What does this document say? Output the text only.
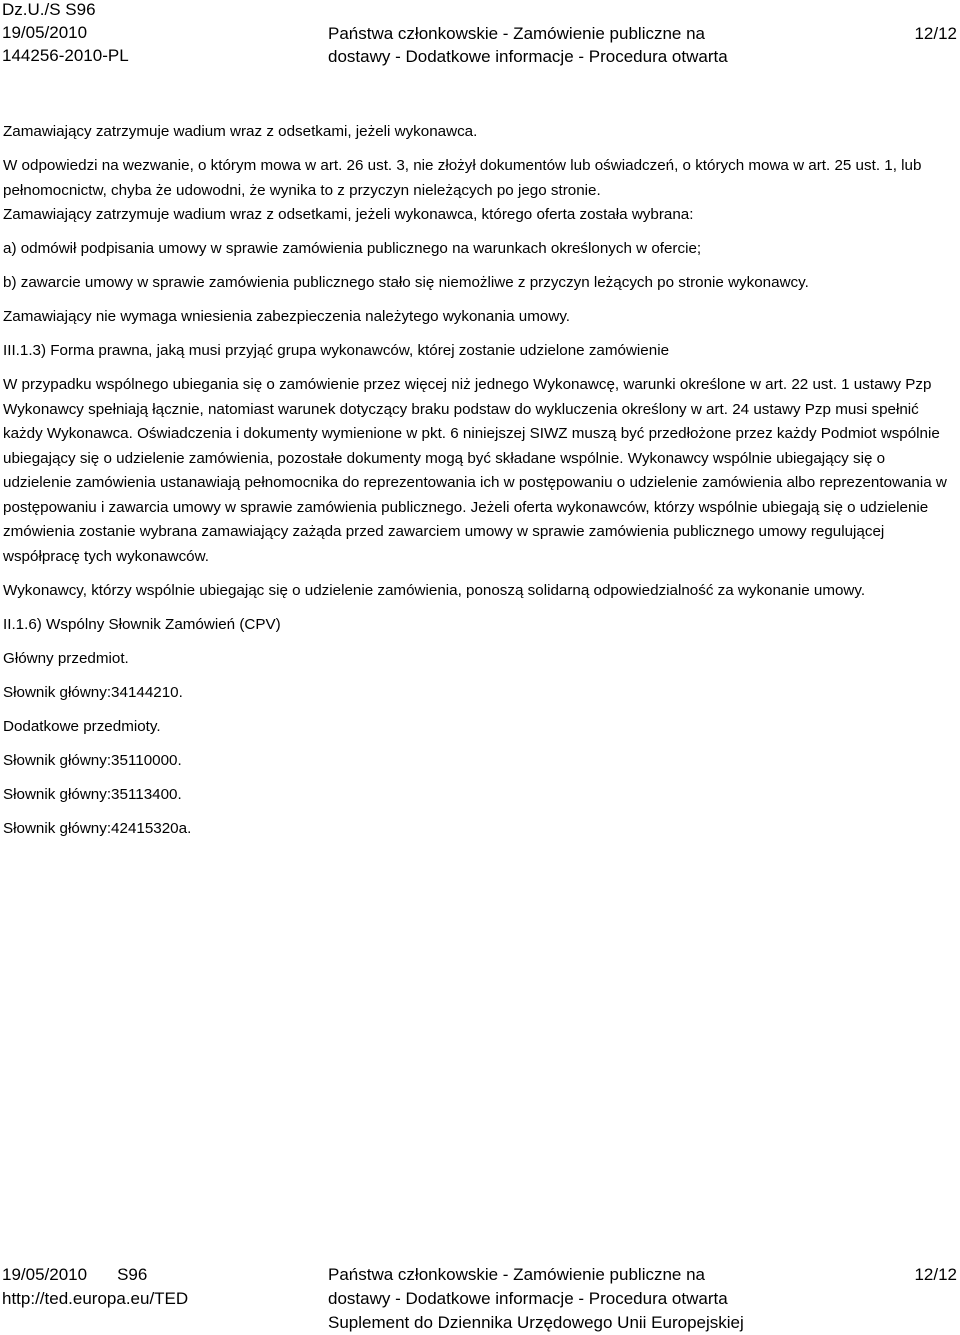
Dz.U./S S96
19/05/2010
144256-2010-PL
Państwa członkowskie - Zamówienie publiczne na
dostawy - Dodatkowe informacje - Procedura otwarta
12/12

Zamawiający zatrzymuje wadium wraz z odsetkami, jeżeli wykonawca.

W odpowiedzi na wezwanie, o którym mowa w art. 26 ust. 3, nie złożył dokumentów lub oświadczeń, o których mowa w art. 25 ust. 1, lub pełnomocnictw, chyba że udowodni, że wynika to z przyczyn nieleżących po jego stronie.

Zamawiający zatrzymuje wadium wraz z odsetkami, jeżeli wykonawca, którego oferta została wybrana:

a) odmówił podpisania umowy w sprawie zamówienia publicznego na warunkach określonych w ofercie;

b) zawarcie umowy w sprawie zamówienia publicznego stało się niemożliwe z przyczyn leżących po stronie wykonawcy.

Zamawiający nie wymaga wniesienia zabezpieczenia należytego wykonania umowy.

III.1.3) Forma prawna, jaką musi przyjąć grupa wykonawców, której zostanie udzielone zamówienie

W przypadku wspólnego ubiegania się o zamówienie przez więcej niż jednego Wykonawcę, warunki określone w art. 22 ust. 1 ustawy Pzp Wykonawcy spełniają łącznie, natomiast warunek dotyczący braku podstaw do wykluczenia określony w art. 24 ustawy Pzp musi spełnić każdy Wykonawca. Oświadczenia i dokumenty wymienione w pkt. 6 niniejszej SIWZ muszą być przedłożone przez każdy Podmiot wspólnie ubiegający się o udzielenie zamówienia, pozostałe dokumenty mogą być składane wspólnie. Wykonawcy wspólnie ubiegający się o udzielenie zamówienia ustanawiają pełnomocnika do reprezentowania ich w postępowaniu o udzielenie zamówienia albo reprezentowania w postępowaniu i zawarcia umowy w sprawie zamówienia publicznego. Jeżeli oferta wykonawców, którzy wspólnie ubiegają się o udzielenie zmówienia zostanie wybrana zamawiający zażąda przed zawarciem umowy w sprawie zamówienia publicznego umowy regulującej współpracę tych wykonawców.

Wykonawcy, którzy wspólnie ubiegając się o udzielenie zamówienia, ponoszą solidarną odpowiedzialność za wykonanie umowy.

II.1.6) Wspólny Słownik Zamówień (CPV)

Główny przedmiot.

Słownik główny:34144210.

Dodatkowe przedmioty.

Słownik główny:35110000.

Słownik główny:35113400.

Słownik główny:42415320a.

19/05/2010 S96
http://ted.europa.eu/TED
Państwa członkowskie - Zamówienie publiczne na
dostawy - Dodatkowe informacje - Procedura otwarta
Suplement do Dziennika Urzędowego Unii Europejskiej
12/12
